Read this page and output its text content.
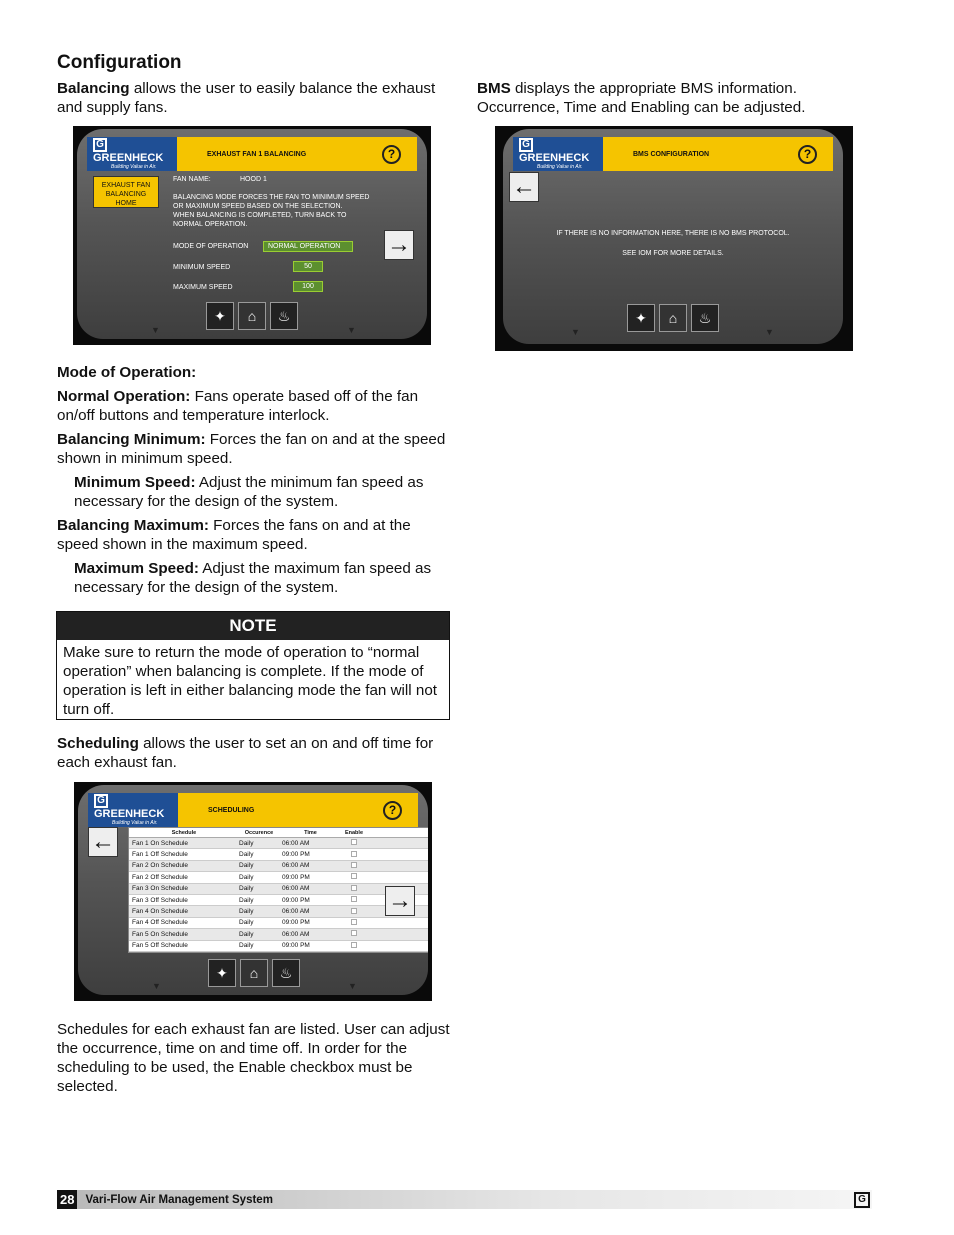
Configuration
Balancing allows the user to easily balance the exhaust and supply fans.
BMS displays the appropriate BMS information. Occurrence, Time and Enabling can be adjusted.
GGREENHECK
Building Value in Air.
EXHAUST FAN 1 BALANCING	?
EXHAUST FAN
BALANCING
HOME
FAN NAME:	HOOD 1
BALANCING MODE FORCES THE FAN TO MINIMUM SPEED
OR MAXIMUM SPEED BASED ON THE SELECTION.
WHEN BALANCING IS COMPLETED, TURN BACK TO
NORMAL OPERATION.
MODE OF OPERATION	NORMAL OPERATION
MINIMUM SPEED	50
MAXIMUM SPEED	100
→
✦ ⌂ ♨
▼	▼
GGREENHECK
Building Value in Air.
BMS CONFIGURATION	?
←
IF THERE IS NO INFORMATION HERE, THERE IS NO BMS PROTOCOL.
SEE IOM FOR MORE DETAILS.
✦ ⌂ ♨
▼	▼
Mode of Operation:
Normal Operation: Fans operate based off of the fan on/off buttons and temperature interlock.
Balancing Minimum: Forces the fan on and at the speed shown in minimum speed.
Minimum Speed: Adjust the minimum fan speed as necessary for the design of the system.
Balancing Maximum: Forces the fans on and at the speed shown in the maximum speed.
Maximum Speed: Adjust the maximum fan speed as necessary for the design of the system.
NOTE
Make sure to return the mode of operation to “normal operation” when balancing is complete. If the mode of operation is left in either balancing mode the fan will not turn off.
Scheduling allows the user to set an on and off time for each exhaust fan.
GGREENHECK
Building Value in Air.
SCHEDULING	?
←	Schedule	Occurence	Time	Enable
Fan 1 On Schedule	Daily	06:00 AM
Fan 1 Off Schedule	Daily	09:00 PM
Fan 2 On Schedule	Daily	06:00 AM
Fan 2 Off Schedule	Daily	09:00 PM
Fan 3 On Schedule	Daily	06:00 AM
Fan 3 Off Schedule	Daily	09:00 PM
Fan 4 On Schedule	Daily	06:00 AM
Fan 4 Off Schedule	Daily	09:00 PM
Fan 5 On Schedule	Daily	06:00 AM
Fan 5 Off Schedule	Daily	09:00 PM
→
✦ ⌂ ♨
▼	▼
Schedules for each exhaust fan are listed. User can adjust the occurrence, time on and time off. In order for the scheduling to be used, the Enable checkbox must be selected.
28 Vari-Flow Air Management System	G
